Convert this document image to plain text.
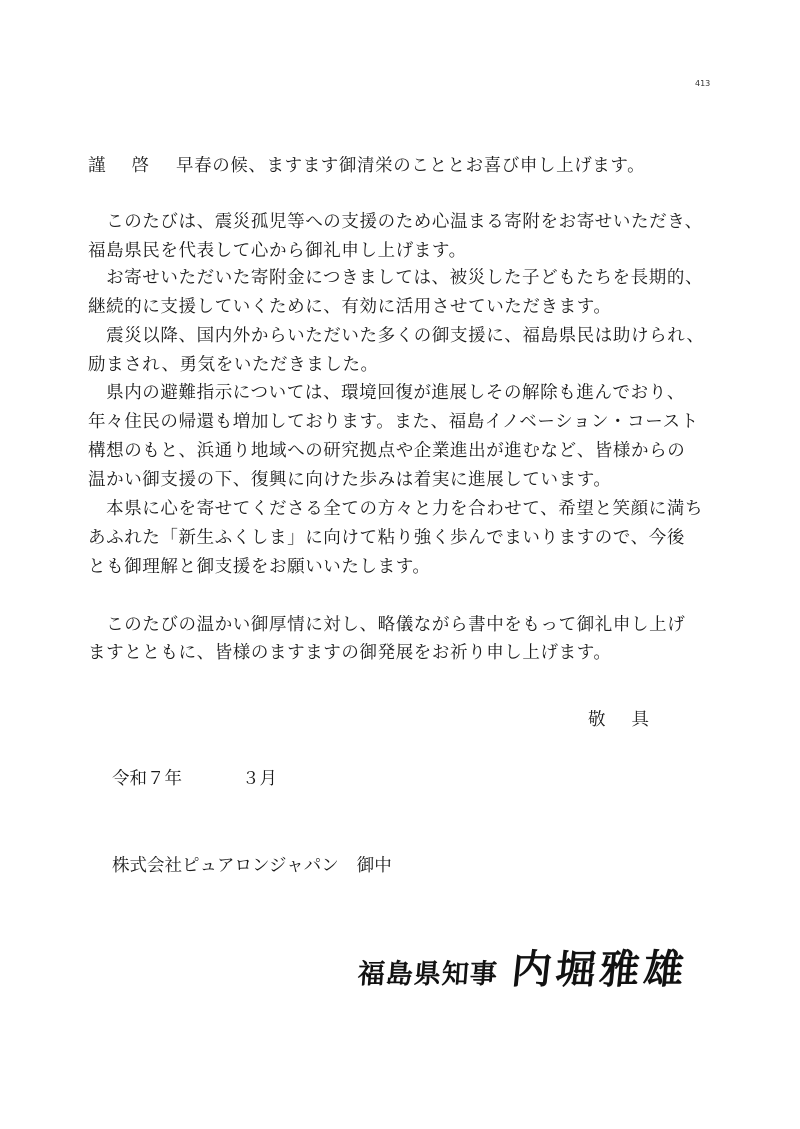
413
謹啓早春の候、ますます御清栄のこととお喜び申し上げます。
　このたびは、震災孤児等への支援のため心温まる寄附をお寄せいただき、
福島県民を代表して心から御礼申し上げます。
　お寄せいただいた寄附金につきましては、被災した子どもたちを長期的、
継続的に支援していくために、有効に活用させていただきます。
　震災以降、国内外からいただいた多くの御支援に、福島県民は助けられ、
励まされ、勇気をいただきました。
　県内の避難指示については、環境回復が進展しその解除も進んでおり、
年々住民の帰還も増加しております。また、福島イノベーション・コースト
構想のもと、浜通り地域への研究拠点や企業進出が進むなど、皆様からの
温かい御支援の下、復興に向けた歩みは着実に進展しています。
　本県に心を寄せてくださる全ての方々と力を合わせて、希望と笑顔に満ち
あふれた「新生ふくしま」に向けて粘り強く歩んでまいりますので、今後
とも御理解と御支援をお願いいたします。
　このたびの温かい御厚情に対し、略儀ながら書中をもって御礼申し上げ
ますとともに、皆様のますますの御発展をお祈り申し上げます。
敬具
令和７年	３月
株式会社ピュアロンジャパン 御中
福島県知事 内堀雅雄
